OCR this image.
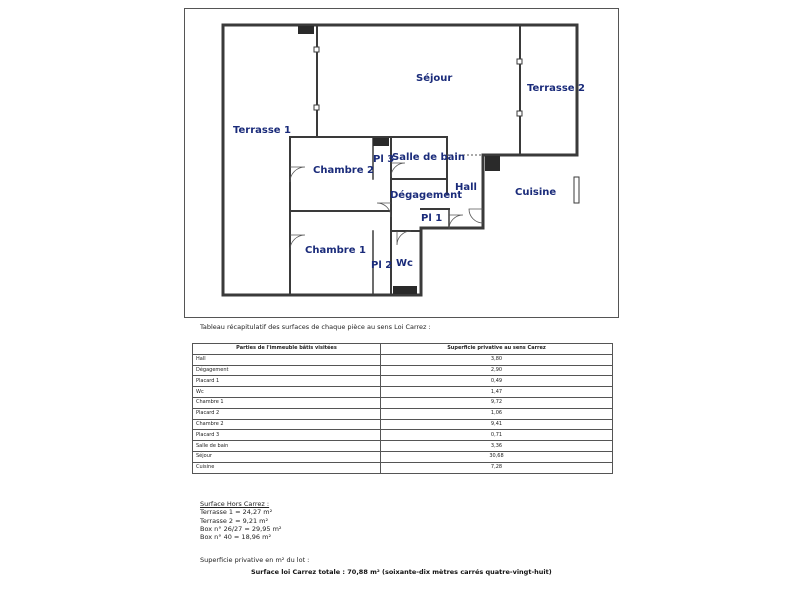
Séjour
Terrasse 1
Terrasse 2
Chambre 2
Pl 3
Salle de bain
Hall	Cuisine
Dégagement
Pl 1
Chambre 1
Pl 2 Wc
Tableau récapitulatif des surfaces de chaque pièce au sens Loi Carrez :
Parties de l'immeuble bâtis visitées	Superficie privative au sens Carrez
Hall	3,80
Dégagement	2,90
Placard 1	0,49
Wc	1,47
Chambre 1	9,72
Placard 2	1,06
Chambre 2	9,41
Placard 3	0,71
Salle de bain	3,36
Séjour	30,68
Cuisine	7,28
Surface Hors Carrez :
Terrasse 1 = 24,27 m²
Terrasse 2 = 9,21 m²
Box n° 26/27 = 29,95 m²
Box n° 40 = 18,96 m²
Superficie privative en m² du lot :
Surface loi Carrez totale : 70,88 m² (soixante-dix mètres carrés quatre-vingt-huit)
